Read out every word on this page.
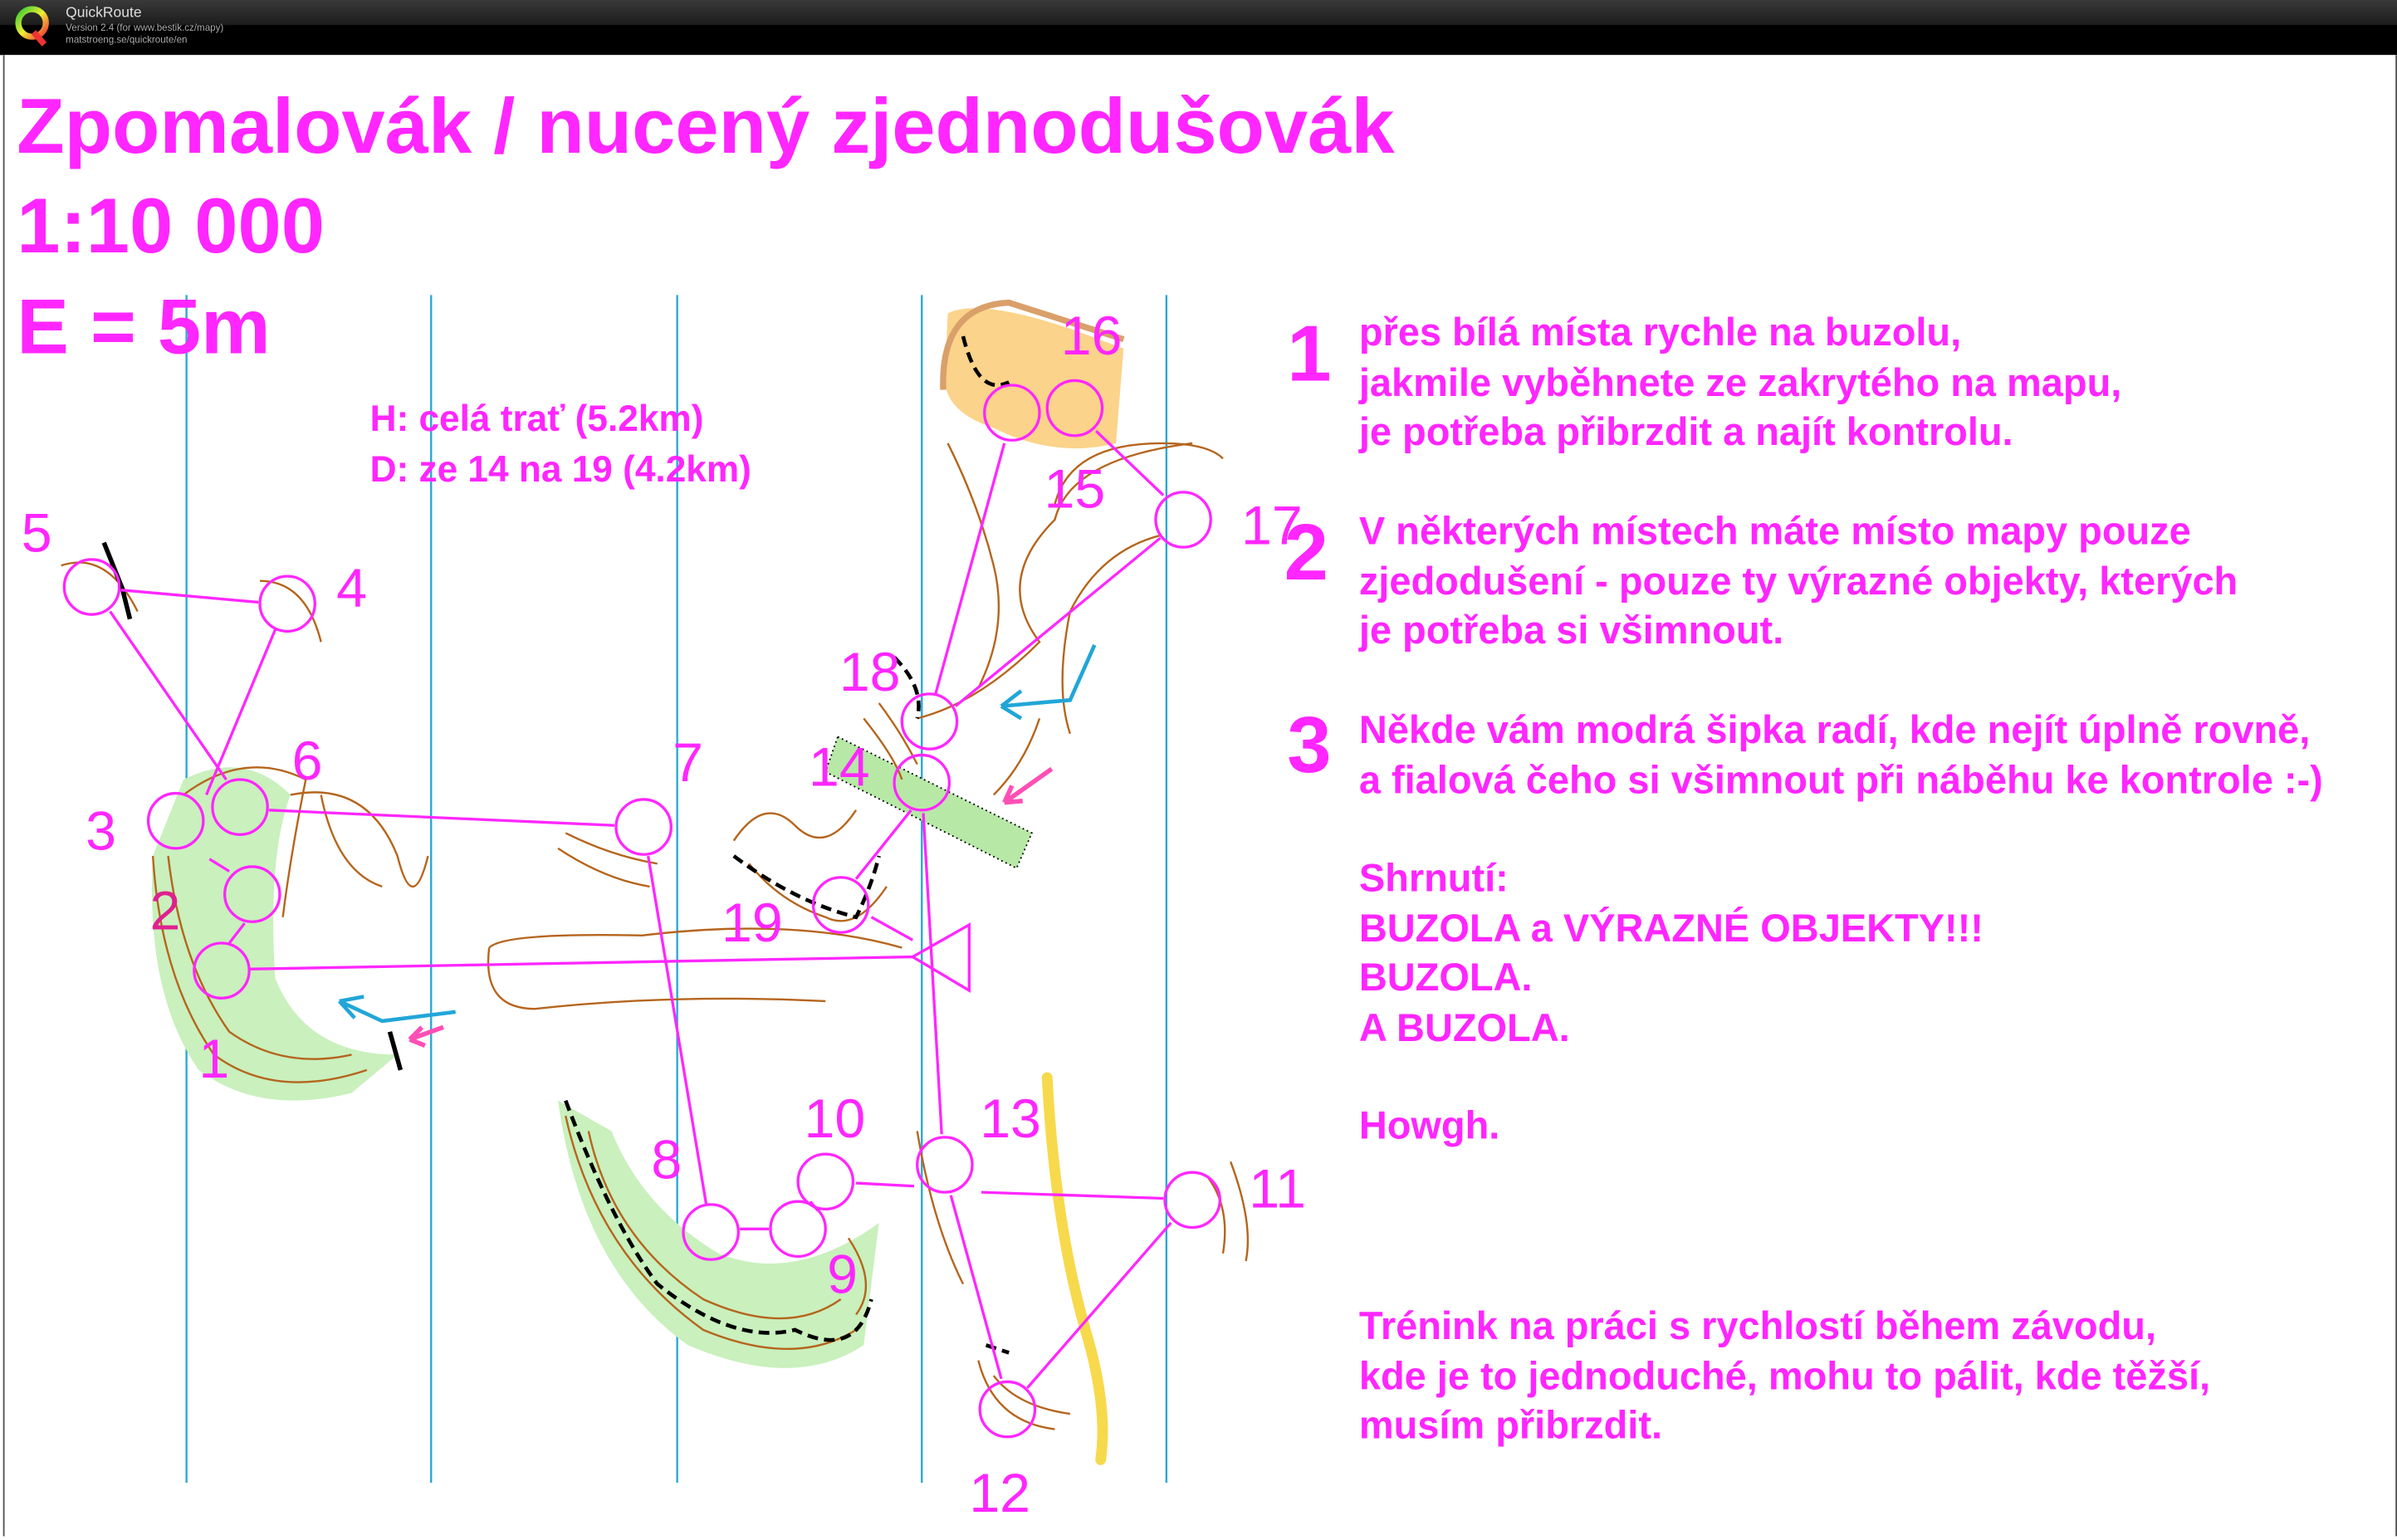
QuickRoute
Version 2.4 (for www.bestik.cz/mapy)
matstroeng.se/quickroute/en
1
2
3
4
5
6	7
8
9
10
11
12
13
14
15
16
17
18
19
Zpomalovák / nucený zjednodušovák
1:10 000
E = 5m
H: celá trať (5.2km)
D: ze 14 na 19 (4.2km)
1 přes bílá místa rychle na buzolu,
jakmile vyběhnete ze zakrytého na mapu,
je potřeba přibrzdit a najít kontrolu.
2 V některých místech máte místo mapy pouze
zjedodušení - pouze ty výrazné objekty, kterých
je potřeba si všimnout.
3 Někde vám modrá šipka radí, kde nejít úplně rovně,
a fialová čeho si všimnout při náběhu ke kontrole :-)
Shrnutí:
BUZOLA a VÝRAZNÉ OBJEKTY!!!
BUZOLA.
A BUZOLA.
Howgh.
Trénink na práci s rychlostí během závodu,
kde je to jednoduché, mohu to pálit, kde těžší,
musím přibrzdit.
